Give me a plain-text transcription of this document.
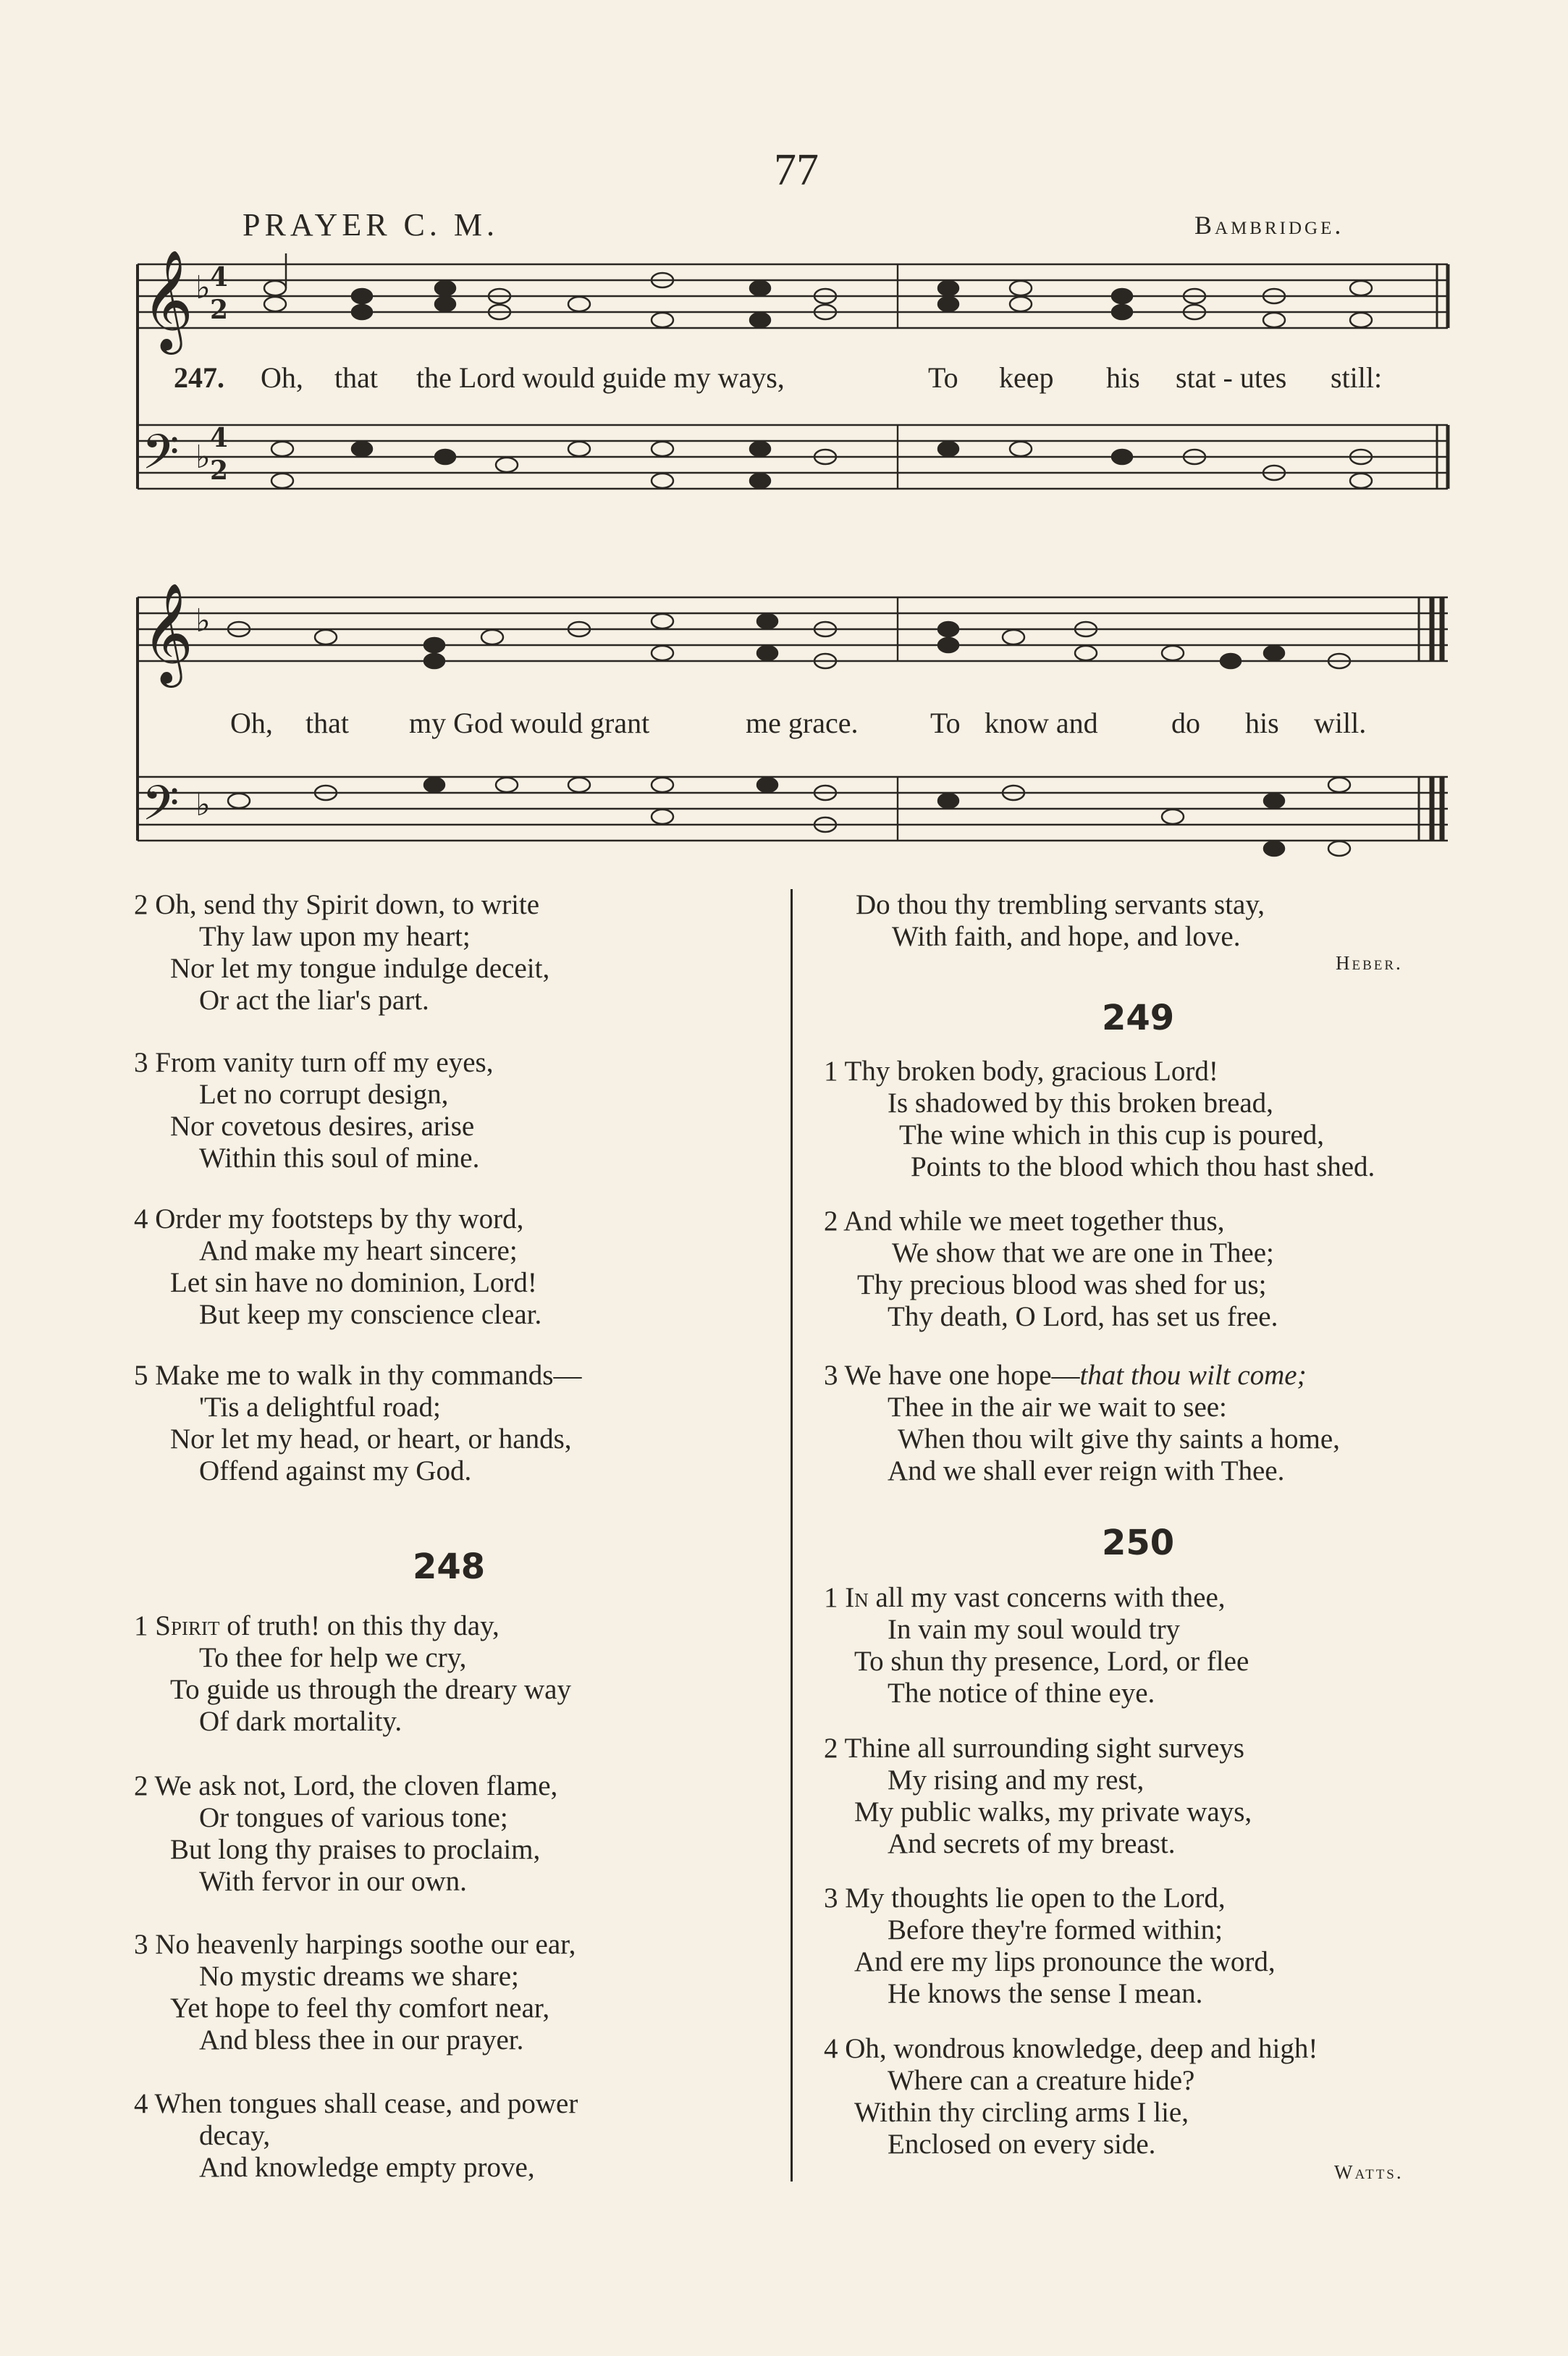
77
PRAYER C. M.	Bambridge.
𝄞
𝄢
𝄞
𝄢
4
2
4
2
♭
♭
♭
♭
247. Oh, that the Lord would guide my ways,	To keep his stat - utes still:
Oh, that my God would grant	me grace. To know and	do his will.

2 Oh, send thy Spirit down, to write
Thy law upon my heart;
Nor let my tongue indulge deceit,
Or act the liar's part.

3 From vanity turn off my eyes,
Let no corrupt design,
Nor covetous desires, arise
Within this soul of mine.
4 Order my footsteps by thy word,
And make my heart sincere;
Let sin have no dominion, Lord!
But keep my conscience clear.
5 Make me to walk in thy commands—
'Tis a delightful road;
Nor let my head, or heart, or hands,
Offend against my God.
248
1 Spirit of truth! on this thy day,
To thee for help we cry,
To guide us through the dreary way
Of dark mortality.
2 We ask not, Lord, the cloven flame,
Or tongues of various tone;
But long thy praises to proclaim,
With fervor in our own.
3 No heavenly harpings soothe our ear,
No mystic dreams we share;
Yet hope to feel thy comfort near,
And bless thee in our prayer.
4 When tongues shall cease, and power
decay,
And knowledge empty prove,
Do thou thy trembling servants stay,
With faith, and hope, and love.
Heber.
249
1 Thy broken body, gracious Lord!
Is shadowed by this broken bread,
The wine which in this cup is poured,
Points to the blood which thou hast shed.
2 And while we meet together thus,
We show that we are one in Thee;
Thy precious blood was shed for us;
Thy death, O Lord, has set us free.
3 We have one hope—that thou wilt come;
Thee in the air we wait to see:
When thou wilt give thy saints a home,
And we shall ever reign with Thee.
250
1 In all my vast concerns with thee,
In vain my soul would try
To shun thy presence, Lord, or flee
The notice of thine eye.
2 Thine all surrounding sight surveys
My rising and my rest,
My public walks, my private ways,
And secrets of my breast.
3 My thoughts lie open to the Lord,
Before they're formed within;
And ere my lips pronounce the word,
He knows the sense I mean.
4 Oh, wondrous knowledge, deep and high!
Where can a creature hide?
Within thy circling arms I lie,
Enclosed on every side.
Watts.
